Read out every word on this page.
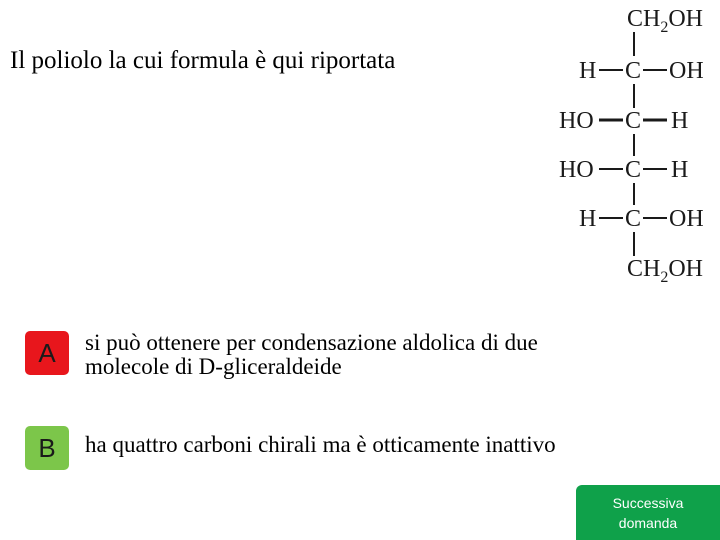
Il poliolo la cui formula è qui riportata
$CH_2OH$
H C OH
HO C H
HO C H
H C OH
$CH_2OH$
A	si può ottenere per condensazione aldolica di due
molecole di D-gliceraldeide
B	ha quattro carboni chirali ma è otticamente inattivo
Successiva
domanda
